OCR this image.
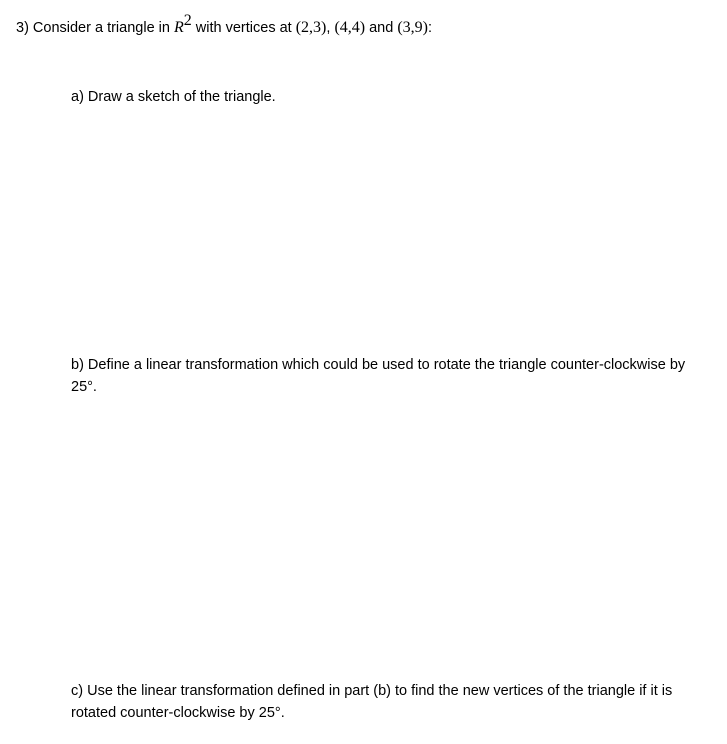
3) Consider a triangle in $R^2$ with vertices at (2,3), (4,4) and (3,9):

a) Draw a sketch of the triangle.

b) Define a linear transformation which could be used to rotate the triangle counter-clockwise by 25°.

c) Use the linear transformation defined in part (b) to find the new vertices of the triangle if it is rotated counter-clockwise by 25°.
